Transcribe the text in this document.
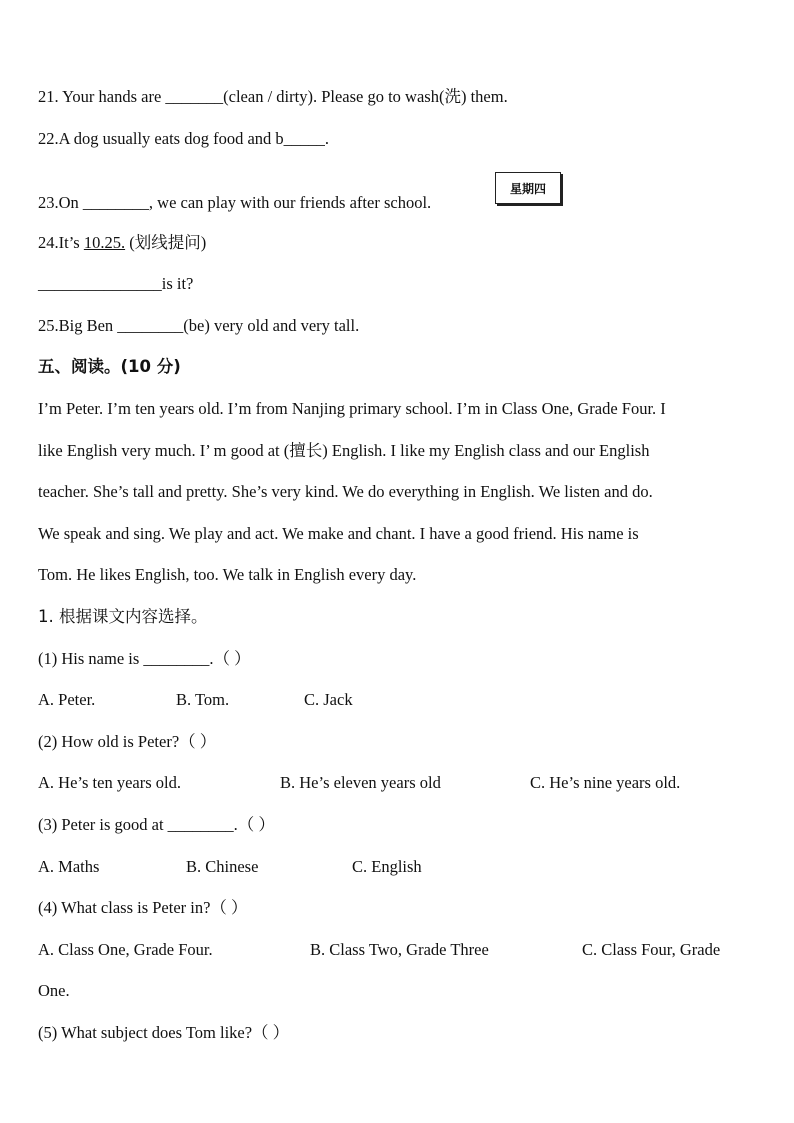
21. Your hands are _______(clean / dirty). Please go to wash(洗) them.
22.A dog usually eats dog food and b_____.
23.On ________, we can play with our friends after school.
星期四
24.It’s 10.25. (划线提问)
_______________is it?
25.Big Ben ________(be) very old and very tall.
五、阅读。(10 分)
I’m Peter. I’m ten years old. I’m from Nanjing primary school. I’m in Class One, Grade Four. I
like English very much. I’ m good at (擅长) English. I like my English class and our English
teacher. She’s tall and pretty. She’s very kind. We do everything in English. We listen and do.
We speak and sing. We play and act. We make and chant. I have a good friend. His name is
Tom. He likes English, too. We talk in English every day.
1. 根据课文内容选择。
(1) His name is ________.（ ）
A. Peter.	B. Tom.	C. Jack
(2) How old is Peter?（ ）
A. He’s ten years old.	B. He’s eleven years old	C. He’s nine years old.
(3) Peter is good at ________.（ ）
A. Maths	B. Chinese	C. English
(4) What class is Peter in?（ ）
A. Class One, Grade Four.	B. Class Two, Grade Three	C. Class Four, Grade
One.
(5) What subject does Tom like?（ ）
